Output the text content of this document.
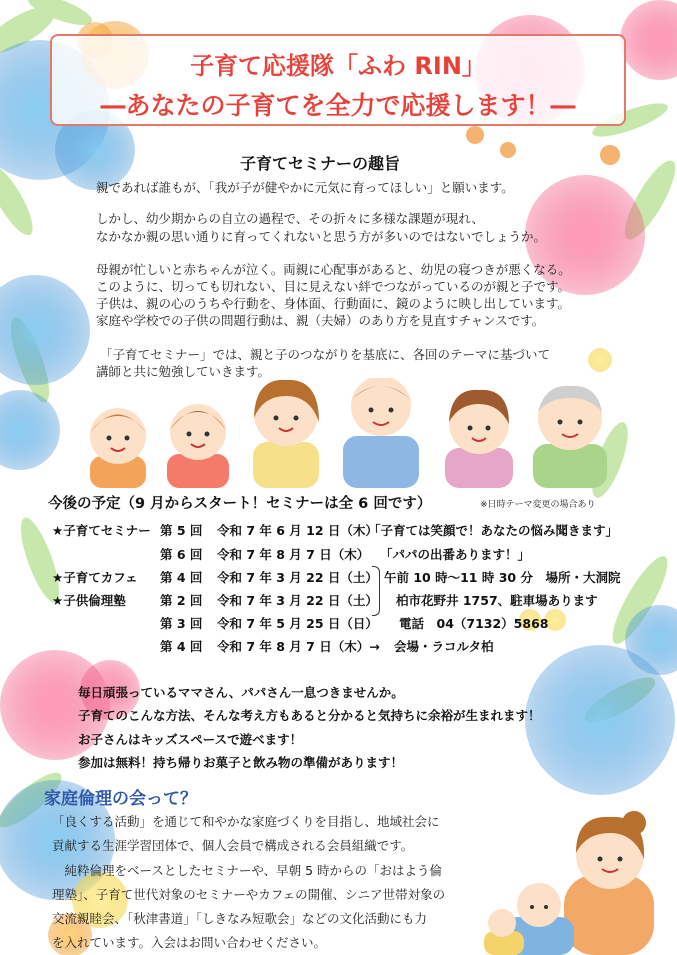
子育て応援隊「ふわ RIN」
―あなたの子育てを全力で応援します！―
子育てセミナーの趣旨
親であれば誰もが、「我が子が健やかに元気に育ってほしい」と願います。
しかし、幼少期からの自立の過程で、その折々に多様な課題が現れ、
なかなか親の思い通りに育ってくれないと思う方が多いのではないでしょうか。
母親が忙しいと赤ちゃんが泣く。両親に心配事があると、幼児の寝つきが悪くなる。
このように、切っても切れない、目に見えない絆でつながっているのが親と子です。
子供は、親の心のうちや行動を、身体面、行動面に、鏡のように映し出しています。
家庭や学校での子供の問題行動は、親（夫婦）のあり方を見直すチャンスです。
「子育てセミナー」では、親と子のつながりを基底に、各回のテーマに基づいて
講師と共に勉強していきます。
今後の予定（9 月からスタート！セミナーは全 6 回です）	※日時テーマ変更の場合あり
★子育てセミナー 第 5 回 令和 7 年 6 月 12 日（木）
「子育ては笑顔で！あなたの悩み聞きます」
第 6 回 令和 7 年 8 月 7 日（木） 「パパの出番あります！」
★子育てカフェ 第 4 回 令和 7 年 3 月 22 日（土） 午前 10 時～11 時 30 分　場所・大洞院
★子供倫理塾	第 2 回 令和 7 年 3 月 22 日（土） 柏市花野井 1757、駐車場あります
第 3 回 令和 7 年 5 月 25 日（日） 電話　04（7132）5868
第 4 回 令和 7 年 8 月 7 日（木）→ 会場・ラコルタ柏
毎日頑張っているママさん、パパさん一息つきませんか。
子育てのこんな方法、そんな考え方もあると分かると気持ちに余裕が生まれます！
お子さんはキッズスペースで遊べます！
参加は無料！持ち帰りお菓子と飲み物の準備があります！
家庭倫理の会って？
「良くする活動」を通じて和やかな家庭づくりを目指し、地域社会に
貢献する生涯学習団体で、個人会員で構成される会員組織です。
　純粋倫理をベースとしたセミナーや、早朝 5 時からの「おはよう倫
理塾」、子育て世代対象のセミナーやカフェの開催、シニア世帯対象の
交流親睦会、「秋津書道」「しきなみ短歌会」などの文化活動にも力
を入れています。入会はお問い合わせください。
